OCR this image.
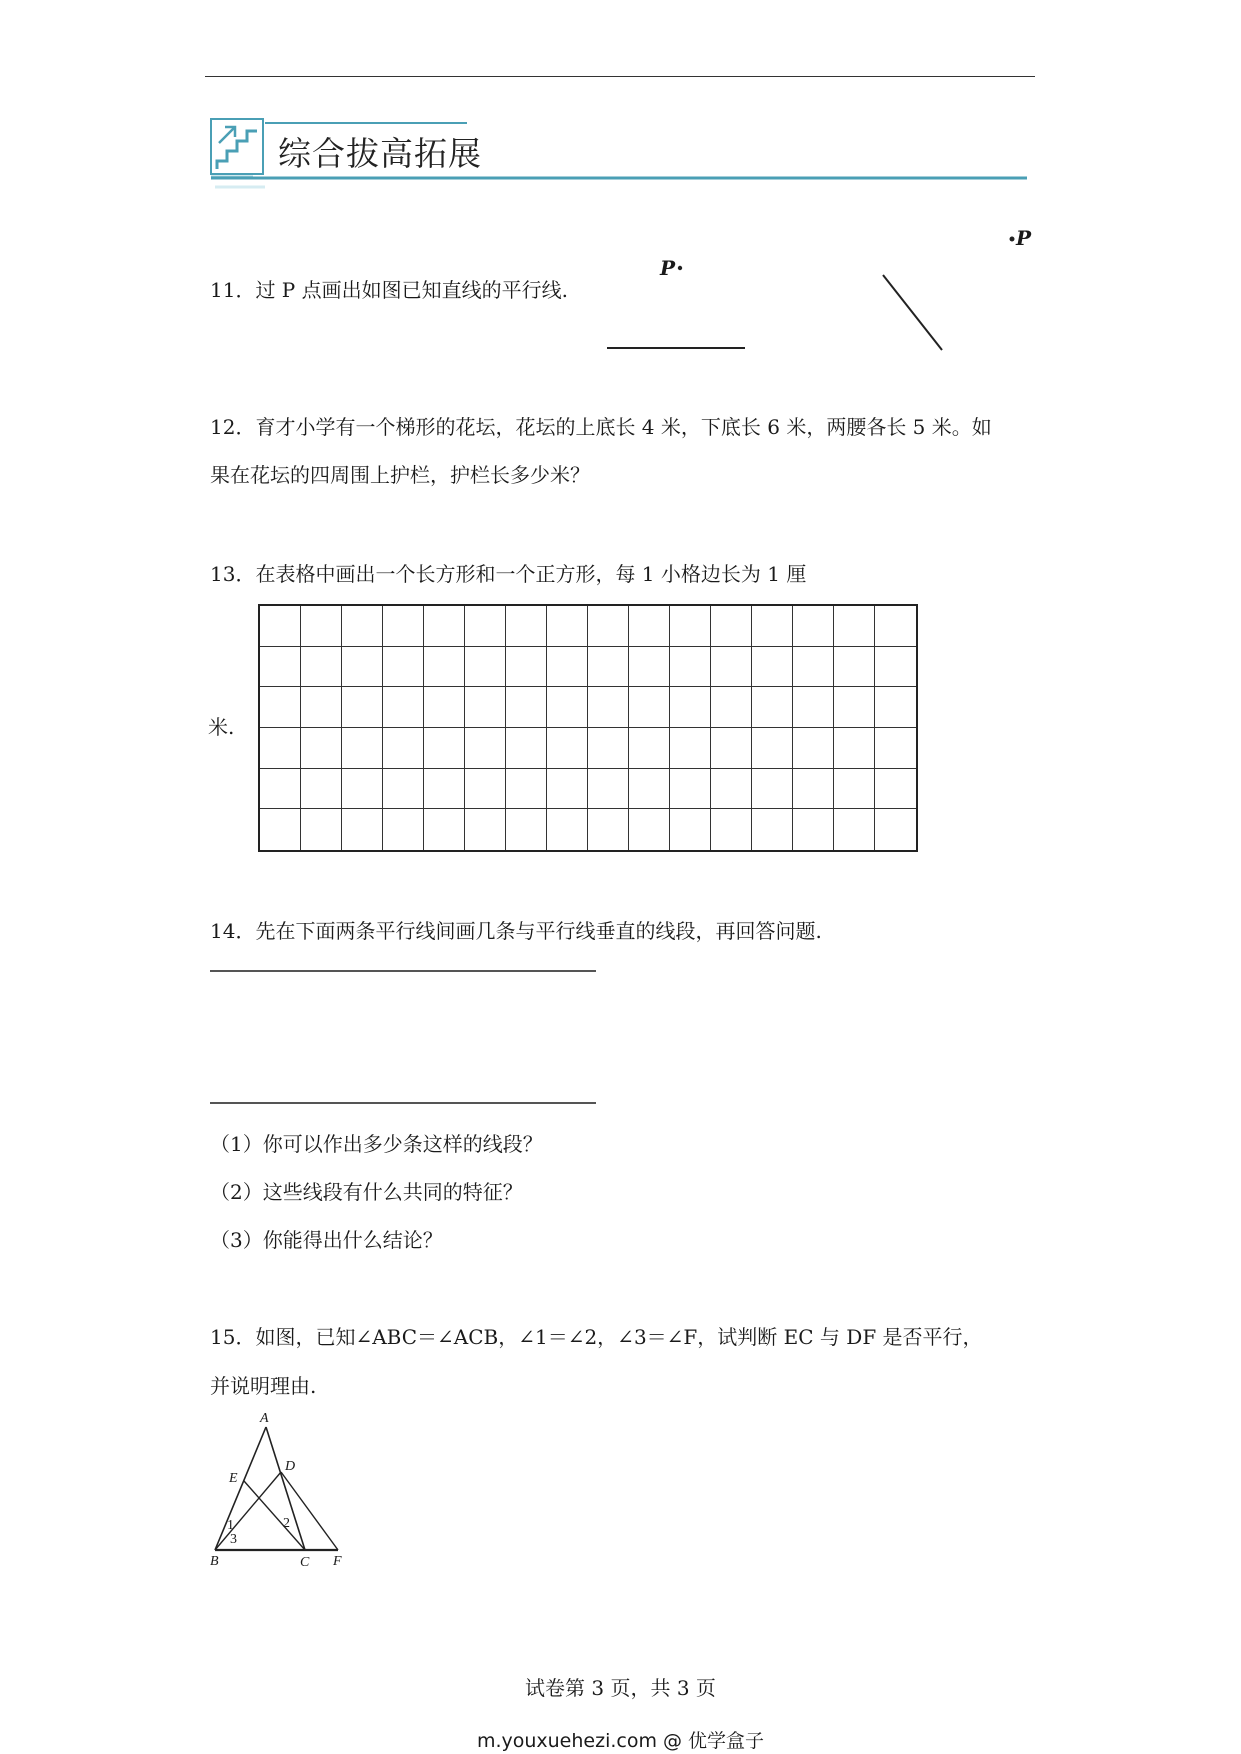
综合拔高拓展
11．过 P 点画出如图已知直线的平行线.
P
P
12．育才小学有一个梯形的花坛，花坛的上底长 4 米，下底长 6 米，两腰各长 5 米。如
果在花坛的四周围上护栏，护栏长多少米？
13．在表格中画出一个长方形和一个正方形，每 1 小格边长为 1 厘
米.
14．先在下面两条平行线间画几条与平行线垂直的线段，再回答问题.
（1）你可以作出多少条这样的线段？
（2）这些线段有什么共同的特征？
（3）你能得出什么结论？
15．如图，已知∠ABC＝∠ACB，∠1＝∠2，∠3＝∠F，试判断 EC 与 DF 是否平行，
并说明理由.
A
E
D
1	2
3
B	C F
试卷第 3 页，共 3 页
m.youxuehezi.com @ 优学盒子
